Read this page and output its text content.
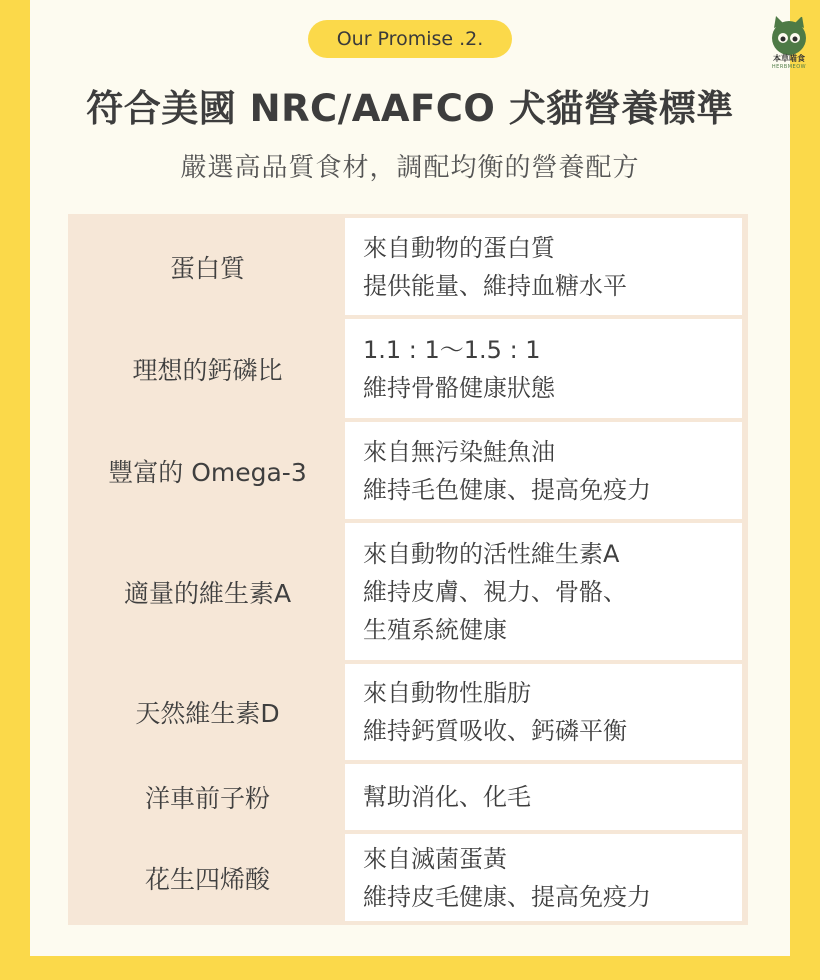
Our Promise .2.
本草喵食
HERBMEOW
符合美國 NRC/AAFCO 犬貓營養標準
嚴選高品質食材，調配均衡的營養配方
蛋白質
來自動物的蛋白質
提供能量、維持血糖水平
理想的鈣磷比
1.1 : 1〜1.5 : 1
維持骨骼健康狀態
豐富的 Omega-3
來自無污染鮭魚油
維持毛色健康、提高免疫力
適量的維生素A
來自動物的活性維生素A
維持皮膚、視力、骨骼、
生殖系統健康
天然維生素D
來自動物性脂肪
維持鈣質吸收、鈣磷平衡
洋車前子粉	幫助消化、化毛
花生四烯酸
來自滅菌蛋黃
維持皮毛健康、提高免疫力
